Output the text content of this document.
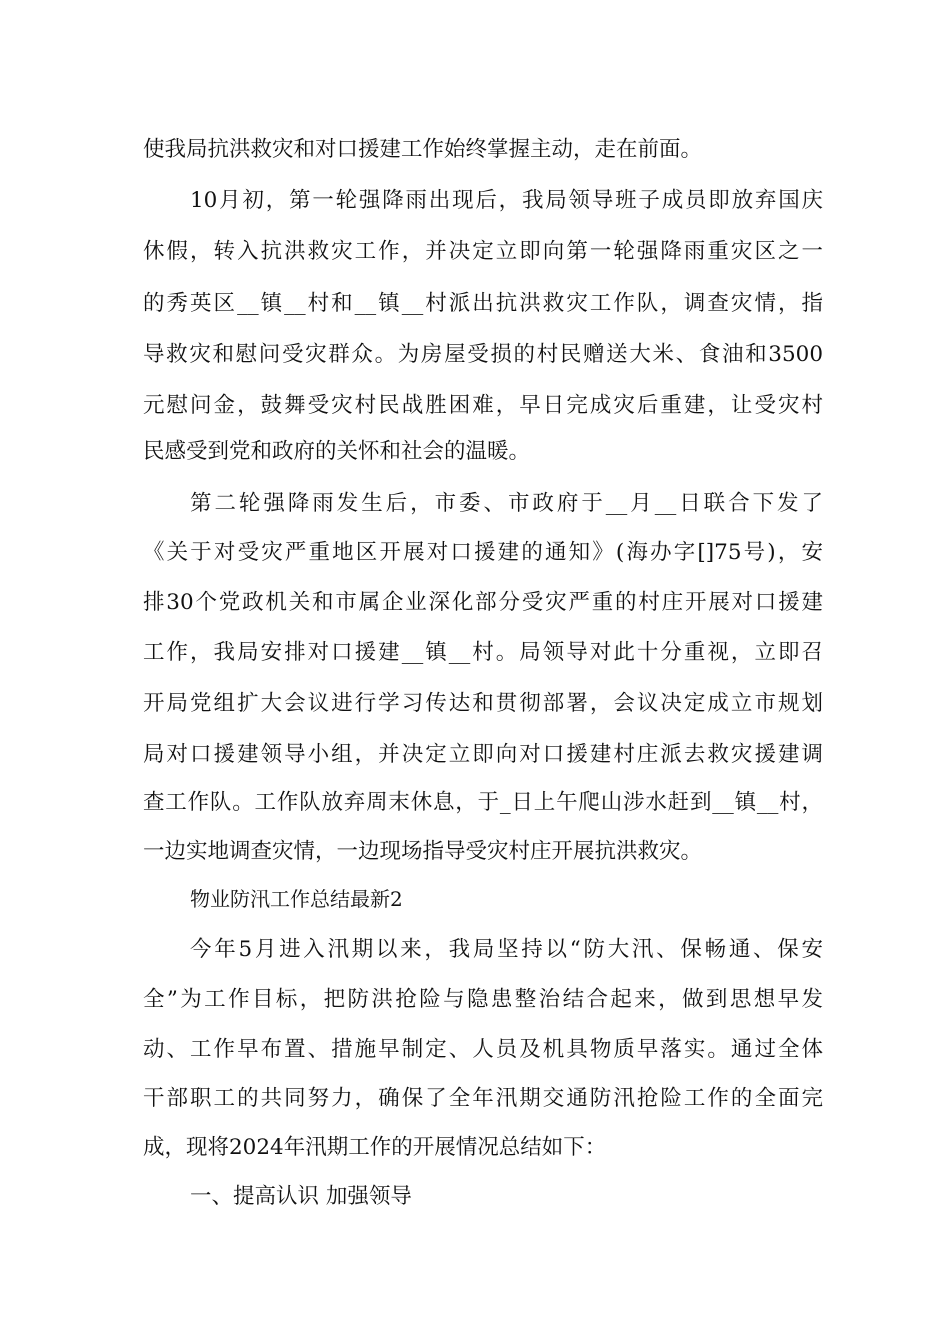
使我局抗洪救灾和对口援建工作始终掌握主动，走在前面。
10月初，第一轮强降雨出现后，我局领导班子成员即放弃国庆
休假，转入抗洪救灾工作，并决定立即向第一轮强降雨重灾区之一
的秀英区__镇__村和__镇__村派出抗洪救灾工作队，调查灾情，指
导救灾和慰问受灾群众。为房屋受损的村民赠送大米、食油和3500
元慰问金，鼓舞受灾村民战胜困难，早日完成灾后重建，让受灾村
民感受到党和政府的关怀和社会的温暖。
第二轮强降雨发生后，市委、市政府于__月__日联合下发了
《关于对受灾严重地区开展对口援建的通知》(海办字[]75号)，安
排30个党政机关和市属企业深化部分受灾严重的村庄开展对口援建
工作，我局安排对口援建__镇__村。局领导对此十分重视，立即召
开局党组扩大会议进行学习传达和贯彻部署，会议决定成立市规划
局对口援建领导小组，并决定立即向对口援建村庄派去救灾援建调
查工作队。工作队放弃周末休息，于_日上午爬山涉水赶到__镇__村，
一边实地调查灾情，一边现场指导受灾村庄开展抗洪救灾。
物业防汛工作总结最新2
今年5月进入汛期以来，我局坚持以“防大汛、保畅通、保安
全”为工作目标，把防洪抢险与隐患整治结合起来，做到思想早发
动、工作早布置、措施早制定、人员及机具物质早落实。通过全体
干部职工的共同努力，确保了全年汛期交通防汛抢险工作的全面完
成，现将2024年汛期工作的开展情况总结如下：
一、提高认识 加强领导
